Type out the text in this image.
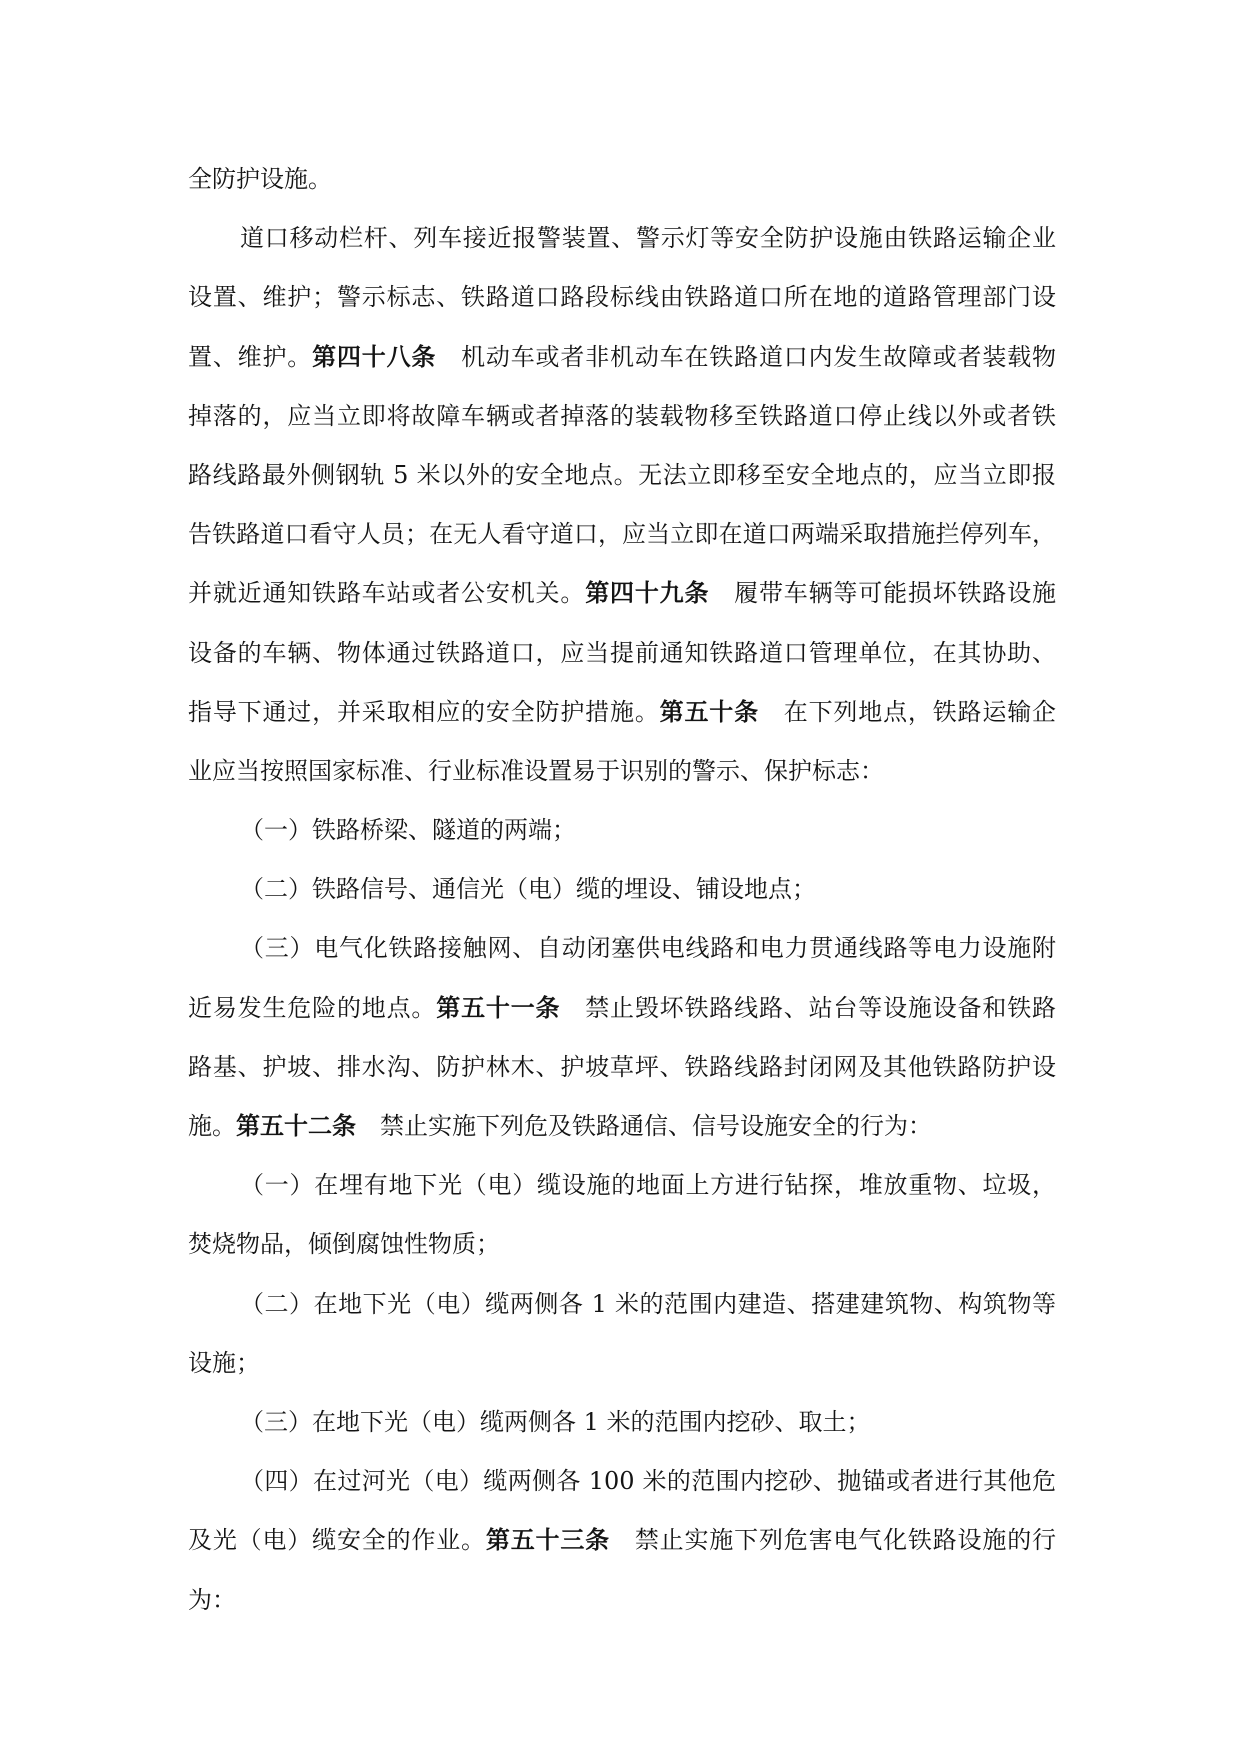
全防护设施。
道口移动栏杆、列车接近报警装置、警示灯等安全防护设施由铁路运输企业
设置、维护；警示标志、铁路道口路段标线由铁路道口所在地的道路管理部门设
置、维护。第四十八条　机动车或者非机动车在铁路道口内发生故障或者装载物
掉落的，应当立即将故障车辆或者掉落的装载物移至铁路道口停止线以外或者铁
路线路最外侧钢轨 5 米以外的安全地点。无法立即移至安全地点的，应当立即报
告铁路道口看守人员；在无人看守道口，应当立即在道口两端采取措施拦停列车，
并就近通知铁路车站或者公安机关。第四十九条　履带车辆等可能损坏铁路设施
设备的车辆、物体通过铁路道口，应当提前通知铁路道口管理单位，在其协助、
指导下通过，并采取相应的安全防护措施。第五十条　在下列地点，铁路运输企
业应当按照国家标准、行业标准设置易于识别的警示、保护标志：
（一）铁路桥梁、隧道的两端；
（二）铁路信号、通信光（电）缆的埋设、铺设地点；
（三）电气化铁路接触网、自动闭塞供电线路和电力贯通线路等电力设施附
近易发生危险的地点。第五十一条　禁止毁坏铁路线路、站台等设施设备和铁路
路基、护坡、排水沟、防护林木、护坡草坪、铁路线路封闭网及其他铁路防护设
施。第五十二条　禁止实施下列危及铁路通信、信号设施安全的行为：
（一）在埋有地下光（电）缆设施的地面上方进行钻探，堆放重物、垃圾，
焚烧物品，倾倒腐蚀性物质；
（二）在地下光（电）缆两侧各 1 米的范围内建造、搭建建筑物、构筑物等
设施；
（三）在地下光（电）缆两侧各 1 米的范围内挖砂、取土；
（四）在过河光（电）缆两侧各 100 米的范围内挖砂、抛锚或者进行其他危
及光（电）缆安全的作业。第五十三条　禁止实施下列危害电气化铁路设施的行
为：
